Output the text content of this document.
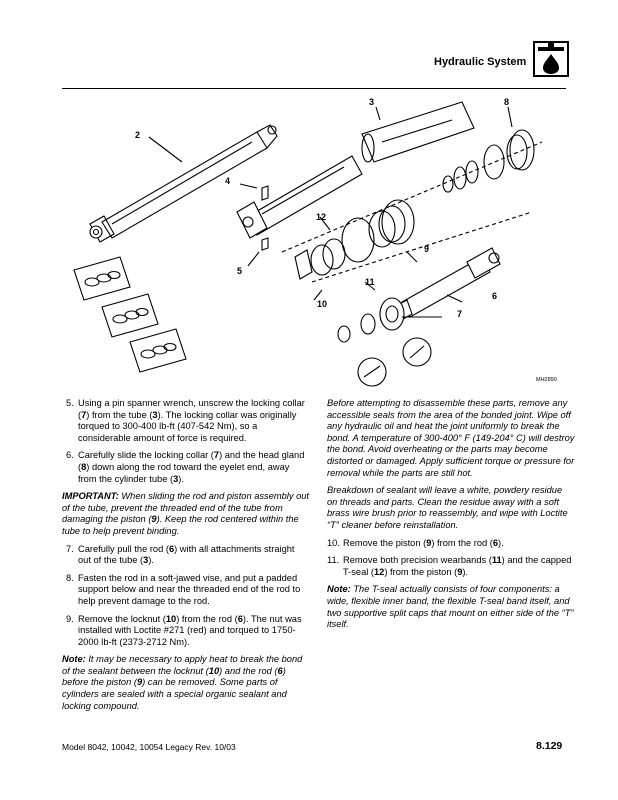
Hydraulic System
2
3
4
5
6
7
8
9
10
11
12
MH2890
5. Using a pin spanner wrench, unscrew the locking collar (7) from the tube (3). The locking collar was originally torqued to 300-400 lb-ft (407-542 Nm), so a considerable amount of force is required.
6. Carefully slide the locking collar (7) and the head gland (8) down along the rod toward the eyelet end, away from the cylinder tube (3).
IMPORTANT: When sliding the rod and piston assembly out of the tube, prevent the threaded end of the tube from damaging the piston (9). Keep the rod centered within the tube to help prevent binding.
7. Carefully pull the rod (6) with all attachments straight out of the tube (3).
8. Fasten the rod in a soft-jawed vise, and put a padded support below and near the threaded end of the rod to help prevent damage to the rod.
9. Remove the locknut (10) from the rod (6). The nut was installed with Loctite #271 (red) and torqued to 1750-2000 lb-ft (2373-2712 Nm).
Note: It may be necessary to apply heat to break the bond of the sealant between the locknut (10) and the rod (6) before the piston (9) can be removed. Some parts of cylinders are sealed with a special organic sealant and locking compound.
Before attempting to disassemble these parts, remove any accessible seals from the area of the bonded joint. Wipe off any hydraulic oil and heat the joint uniformly to break the bond. A temperature of 300-400° F (149-204° C) will destroy the bond. Avoid overheating or the parts may become distorted or damaged. Apply sufficient torque or pressure for removal while the parts are still hot.
Breakdown of sealant will leave a white, powdery residue on threads and parts. Clean the residue away with a soft brass wire brush prior to reassembly, and wipe with Loctite “T” cleaner before reinstallation.
10. Remove the piston (9) from the rod (6).
11. Remove both precision wearbands (11) and the capped T-seal (12) from the piston (9).
Note: The T-seal actually consists of four components: a wide, flexible inner band, the flexible T-seal band itself, and two supportive split caps that mount on either side of the “T” itself.
Model 8042, 10042, 10054 Legacy Rev. 10/03	8.129
